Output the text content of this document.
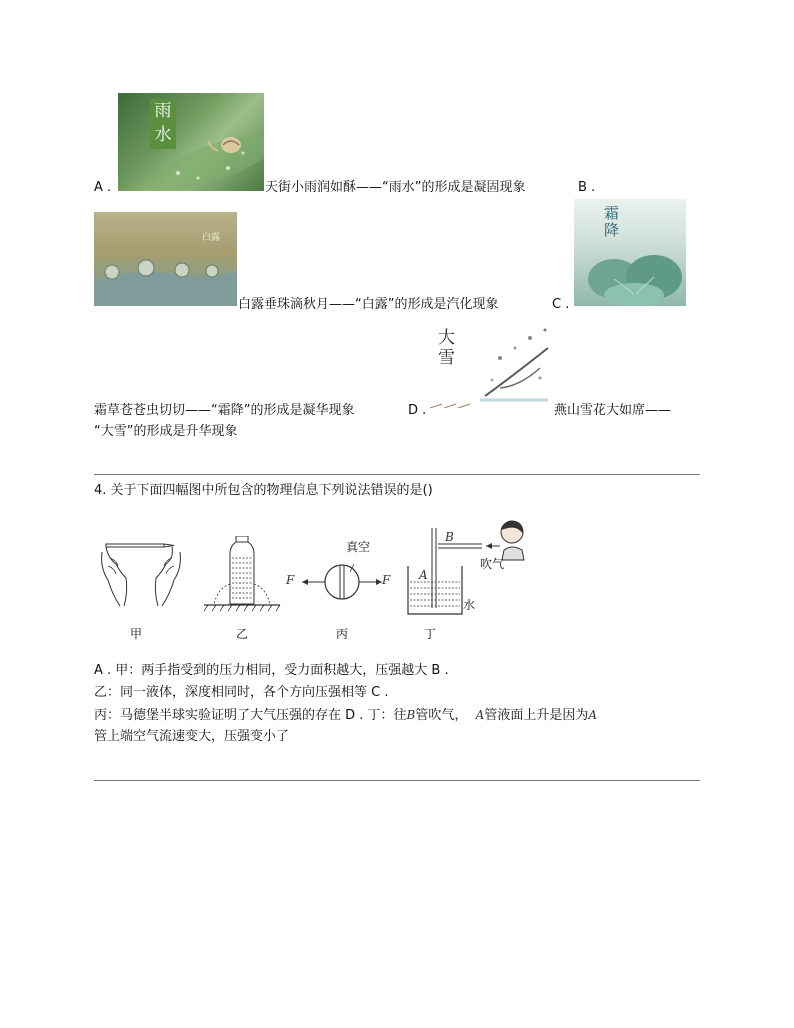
雨
水
A .	天街小雨润如酥——“雨水”的形成是凝固现象	B .
白露
白露垂珠滴秋月——“白露”的形成是汽化现象	C .
霜降
大雪
霜草苍苍虫切切——“霜降”的形成是凝华现象	D .	燕山雪花大如席——
“大雪”的形成是升华现象
4. 关于下面四幅图中所包含的物理信息下列说法错误的是()
真空
F	F
B
A
吹气
水
甲	乙	丙	丁
A . 甲：两手指受到的压力相同，受力面积越大，压强越大 B .
乙：同一液体，深度相同时，各个方向压强相等 C .
丙：马德堡半球实验证明了大气压强的存在 D . 丁：往B管吹气， A管液面上升是因为A
管上端空气流速变大，压强变小了
